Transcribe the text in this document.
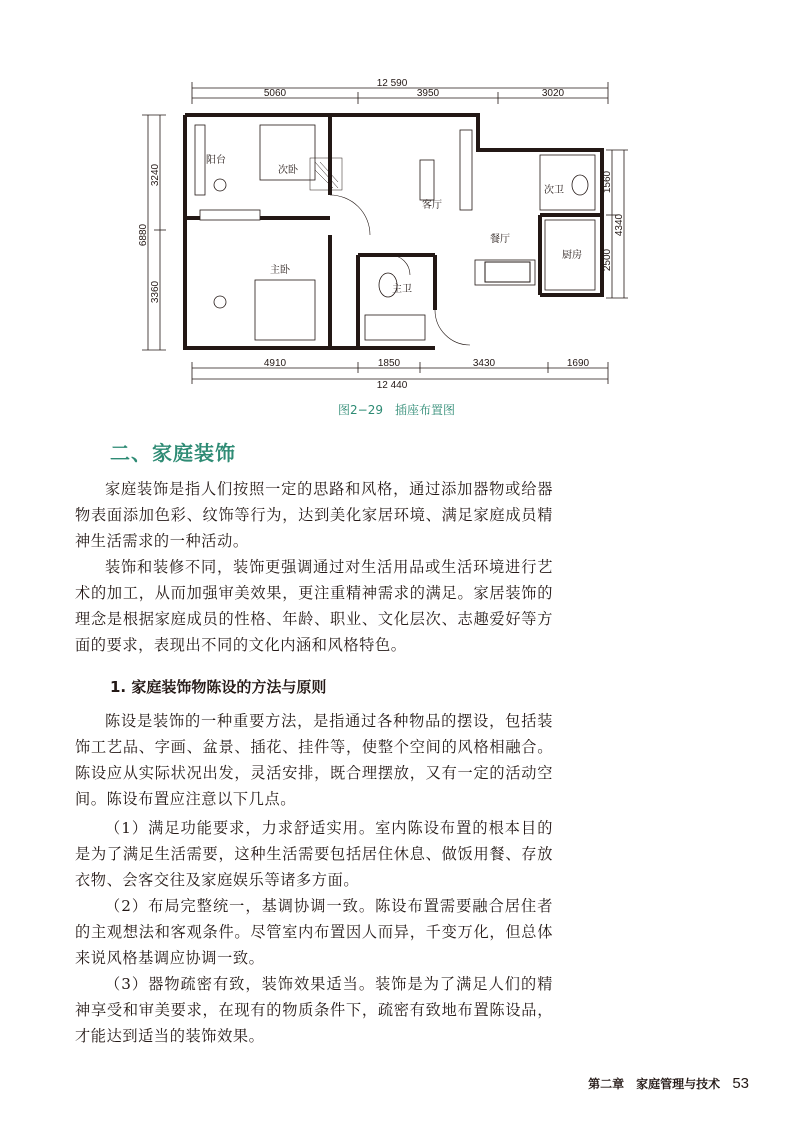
12 590
5060	3950	3020
4910	1850	3430	1690
12 440
6880
3240
3360
1560
2500
4340
阳台
次卧
主卧
客厅
餐厅
厨房
次卫
主卫
图2−29　插座布置图
二、家庭装饰

家庭装饰是指人们按照一定的思路和风格，通过添加器物或给器物表面添加色彩、纹饰等行为，达到美化家居环境、满足家庭成员精神生活需求的一种活动。

装饰和装修不同，装饰更强调通过对生活用品或生活环境进行艺术的加工，从而加强审美效果，更注重精神需求的满足。家居装饰的理念是根据家庭成员的性格、年龄、职业、文化层次、志趣爱好等方面的要求，表现出不同的文化内涵和风格特色。

1. 家庭装饰物陈设的方法与原则

陈设是装饰的一种重要方法，是指通过各种物品的摆设，包括装饰工艺品、字画、盆景、插花、挂件等，使整个空间的风格相融合。陈设应从实际状况出发，灵活安排，既合理摆放，又有一定的活动空间。陈设布置应注意以下几点。

（1）满足功能要求，力求舒适实用。室内陈设布置的根本目的是为了满足生活需要，这种生活需要包括居住休息、做饭用餐、存放衣物、会客交往及家庭娱乐等诸多方面。

（2）布局完整统一，基调协调一致。陈设布置需要融合居住者的主观想法和客观条件。尽管室内布置因人而异，千变万化，但总体来说风格基调应协调一致。

（3）器物疏密有致，装饰效果适当。装饰是为了满足人们的精神享受和审美要求，在现有的物质条件下，疏密有致地布置陈设品，才能达到适当的装饰效果。

第二章　家庭管理与技术 53
